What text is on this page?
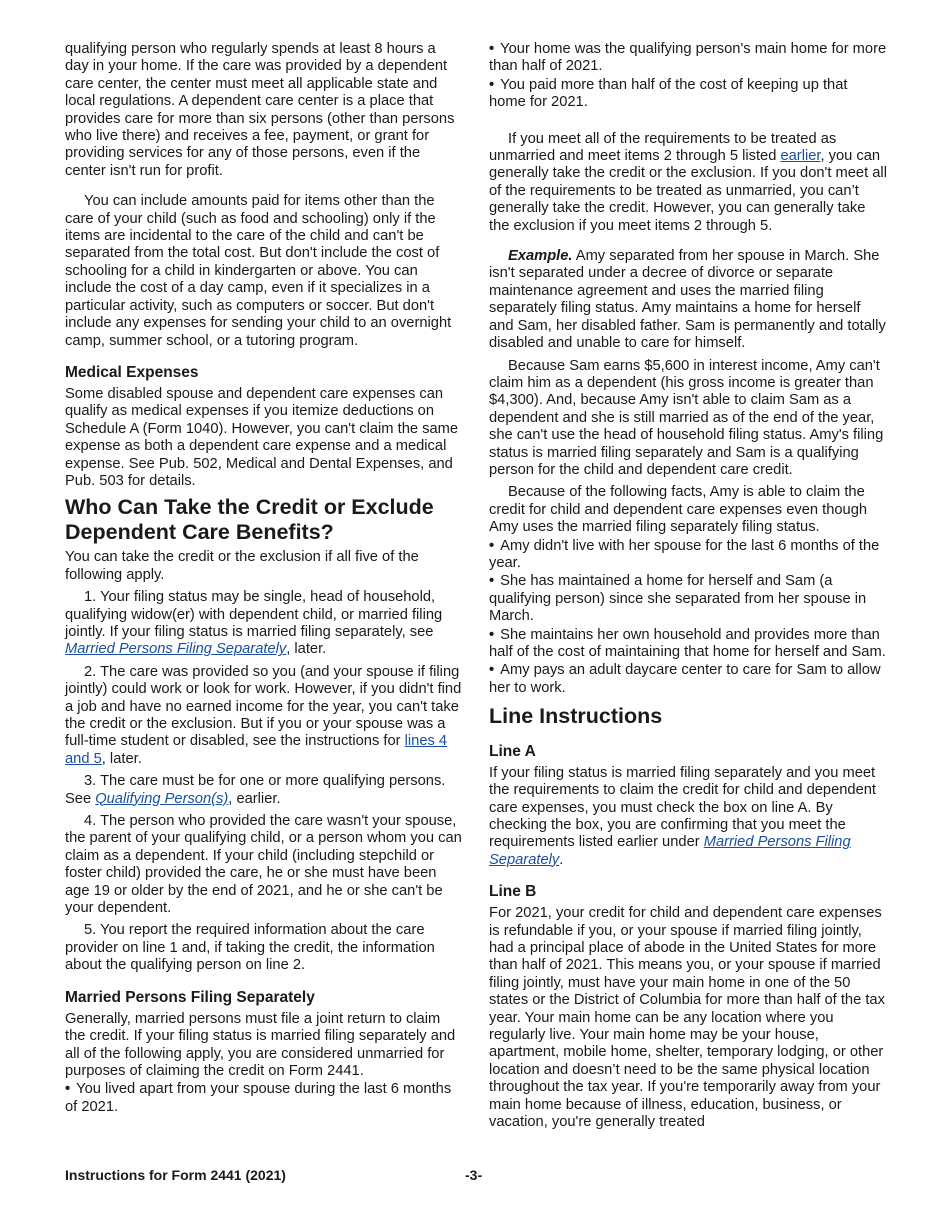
qualifying person who regularly spends at least 8 hours a day in your home. If the care was provided by a dependent care center, the center must meet all applicable state and local regulations. A dependent care center is a place that provides care for more than six persons (other than persons who live there) and receives a fee, payment, or grant for providing services for any of those persons, even if the center isn't run for profit.

You can include amounts paid for items other than the care of your child (such as food and schooling) only if the items are incidental to the care of the child and can't be separated from the total cost. But don't include the cost of schooling for a child in kindergarten or above. You can include the cost of a day camp, even if it specializes in a particular activity, such as computers or soccer. But don't include any expenses for sending your child to an overnight camp, summer school, or a tutoring program.

Medical Expenses

Some disabled spouse and dependent care expenses can qualify as medical expenses if you itemize deductions on Schedule A (Form 1040). However, you can't claim the same expense as both a dependent care expense and a medical expense. See Pub. 502, Medical and Dental Expenses, and Pub. 503 for details.

Who Can Take the Credit or Exclude Dependent Care Benefits?

You can take the credit or the exclusion if all five of the following apply.

1. Your filing status may be single, head of household, qualifying widow(er) with dependent child, or married filing jointly. If your filing status is married filing separately, see Married Persons Filing Separately, later.

2. The care was provided so you (and your spouse if filing jointly) could work or look for work. However, if you didn't find a job and have no earned income for the year, you can't take the credit or the exclusion. But if you or your spouse was a full-time student or disabled, see the instructions for lines 4 and 5, later.

3. The care must be for one or more qualifying persons. See Qualifying Person(s), earlier.

4. The person who provided the care wasn't your spouse, the parent of your qualifying child, or a person whom you can claim as a dependent. If your child (including stepchild or foster child) provided the care, he or she must have been age 19 or older by the end of 2021, and he or she can't be your dependent.

5. You report the required information about the care provider on line 1 and, if taking the credit, the information about the qualifying person on line 2.

Married Persons Filing Separately

Generally, married persons must file a joint return to claim the credit. If your filing status is married filing separately and all of the following apply, you are considered unmarried for purposes of claiming the credit on Form 2441.

• You lived apart from your spouse during the last 6 months of 2021.
• Your home was the qualifying person's main home for more than half of 2021.
• You paid more than half of the cost of keeping up that home for 2021.

If you meet all of the requirements to be treated as unmarried and meet items 2 through 5 listed earlier, you can generally take the credit or the exclusion. If you don't meet all of the requirements to be treated as unmarried, you can’t generally take the credit. However, you can generally take the exclusion if you meet items 2 through 5.

Example. Amy separated from her spouse in March. She isn't separated under a decree of divorce or separate maintenance agreement and uses the married filing separately filing status. Amy maintains a home for herself and Sam, her disabled father. Sam is permanently and totally disabled and unable to care for himself.

Because Sam earns $5,600 in interest income, Amy can't claim him as a dependent (his gross income is greater than $4,300). And, because Amy isn't able to claim Sam as a dependent and she is still married as of the end of the year, she can't use the head of household filing status. Amy's filing status is married filing separately and Sam is a qualifying person for the child and dependent care credit.

Because of the following facts, Amy is able to claim the credit for child and dependent care expenses even though Amy uses the married filing separately filing status.

• Amy didn't live with her spouse for the last 6 months of the year.
• She has maintained a home for herself and Sam (a qualifying person) since she separated from her spouse in March.
• She maintains her own household and provides more than half of the cost of maintaining that home for herself and Sam.
• Amy pays an adult daycare center to care for Sam to allow her to work.
Line Instructions
Line A

If your filing status is married filing separately and you meet the requirements to claim the credit for child and dependent care expenses, you must check the box on line A. By checking the box, you are confirming that you meet the requirements listed earlier under Married Persons Filing Separately.

Line B

For 2021, your credit for child and dependent care expenses is refundable if you, or your spouse if married filing jointly, had a principal place of abode in the United States for more than half of 2021. This means you, or your spouse if married filing jointly, must have your main home in one of the 50 states or the District of Columbia for more than half of the tax year. Your main home can be any location where you regularly live. Your main home may be your house, apartment, mobile home, shelter, temporary lodging, or other location and doesn’t need to be the same physical location throughout the tax year. If you're temporarily away from your main home because of illness, education, business, or vacation, you're generally treated

Instructions for Form 2441 (2021)	-3-
